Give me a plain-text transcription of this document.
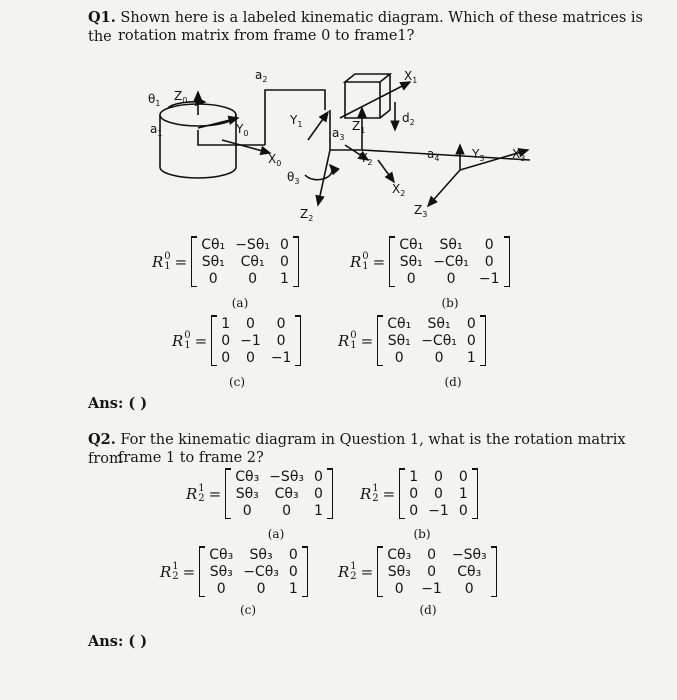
Q1. Shown here is a labeled kinematic diagram. Which of these matrices is the rotation matrix from frame 0 to frame1?
$\theta_1$
$Z_0$
$a_1$	$Y_0$
$X_0$
$a_2$
$Y_1$
$a_3$
$Z_1$
$d_2$
$X_1$
$\theta_3$
$Z_2$
$Y_2$
$X_2$
$Z_3$
$a_4$	$Y_3$ $X_3$
R 0
1 =
Cθ₁	−Sθ₁	0
Sθ₁	Cθ₁	0
0	0	1
(a)
R 0
1 =
Cθ₁	Sθ₁	0
Sθ₁	−Cθ₁	0
0	0	−1
(b)
R 0
1 =
1	0	0
0	−1	0
0	0	−1
(c)
R 0
1 =
Cθ₁	Sθ₁	0
Sθ₁	−Cθ₁	0
0	0	1
(d)
Ans: ( )
Q2. For the kinematic diagram in Question 1, what is the rotation matrix from
frame 1 to frame 2?
R 1
2 =
Cθ₃	−Sθ₃	0
Sθ₃	Cθ₃	0
0	0	1
(a)
R 1
2 =
1	0	0
0	0	1
0	−1	0
(b)
R 1
2 =
Cθ₃	Sθ₃	0
Sθ₃	−Cθ₃	0
0	0	1
(c)
R 1
2 =
Cθ₃	0	−Sθ₃
Sθ₃	0	Cθ₃
0	−1	0
(d)
Ans: ( )
